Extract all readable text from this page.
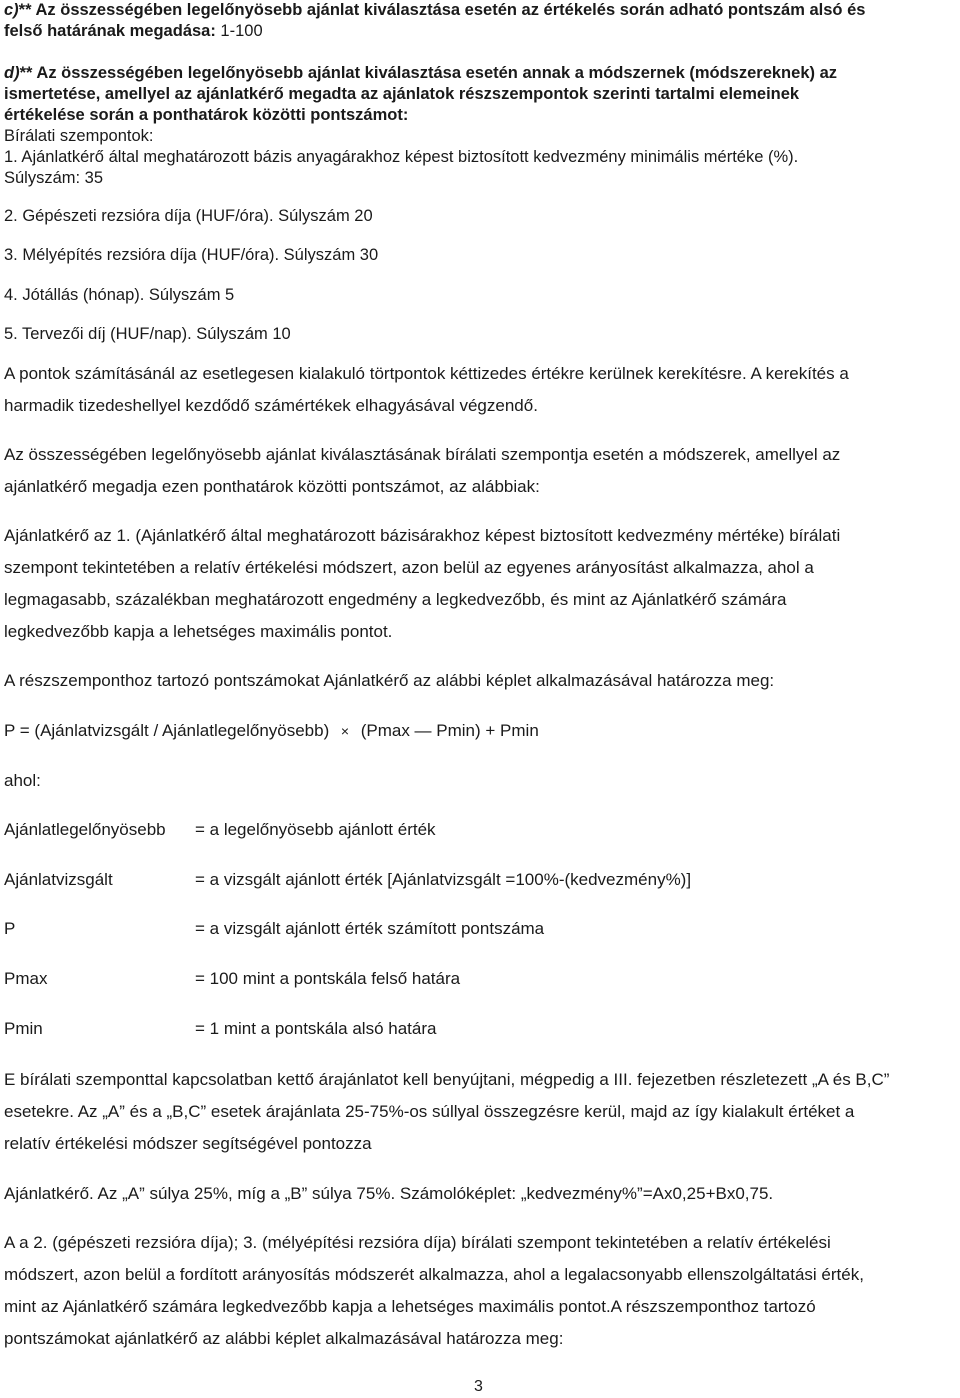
c)** Az összességében legelőnyösebb ajánlat kiválasztása esetén az értékelés során adható pontszám alsó és

felső határának megadása: 1-100

d)** Az összességében legelőnyösebb ajánlat kiválasztása esetén annak a módszernek (módszereknek) az

ismertetése, amellyel az ajánlatkérő megadta az ajánlatok részszempontok szerinti tartalmi elemeinek

értékelése során a ponthatárok közötti pontszámot:

Bírálati szempontok:

1. Ajánlatkérő által meghatározott bázis anyagárakhoz képest biztosított kedvezmény minimális mértéke (%).

Súlyszám: 35

2. Gépészeti rezsióra díja (HUF/óra). Súlyszám 20

3. Mélyépítés rezsióra díja (HUF/óra). Súlyszám 30

4. Jótállás (hónap). Súlyszám 5

5. Tervezői díj (HUF/nap). Súlyszám 10

A pontok számításánál az esetlegesen kialakuló törtpontok kéttizedes értékre kerülnek kerekítésre. A kerekítés a

harmadik tizedeshellyel kezdődő számértékek elhagyásával végzendő.

Az összességében legelőnyösebb ajánlat kiválasztásának bírálati szempontja esetén a módszerek, amellyel az

ajánlatkérő megadja ezen ponthatárok közötti pontszámot, az alábbiak:

Ajánlatkérő az 1. (Ajánlatkérő által meghatározott bázisárakhoz képest biztosított kedvezmény mértéke) bírálati

szempont tekintetében a relatív értékelési módszert, azon belül az egyenes arányosítást alkalmazza, ahol a

legmagasabb, százalékban meghatározott engedmény a legkedvezőbb, és mint az Ajánlatkérő számára

legkedvezőbb kapja a lehetséges maximális pontot.

A részszemponthoz tartozó pontszámokat Ajánlatkérő az alábbi képlet alkalmazásával határozza meg:

P = (Ajánlatvizsgált / Ajánlatlegelőnyösebb) × (Pmax — Pmin) + Pmin

ahol:

Ajánlatlegelőnyösebb = a legelőnyösebb ajánlott érték
Ajánlatvizsgált	= a vizsgált ajánlott érték [Ajánlatvizsgált =100%-(kedvezmény%)]
P	= a vizsgált ajánlott érték számított pontszáma
Pmax	= 100 mint a pontskála felső határa
Pmin	= 1 mint a pontskála alsó határa

E bírálati szemponttal kapcsolatban kettő árajánlatot kell benyújtani, mégpedig a III. fejezetben részletezett „A és B,C”

esetekre. Az „A” és a „B,C” esetek árajánlata 25-75%-os súllyal összegzésre kerül, majd az így kialakult értéket a

relatív értékelési módszer segítségével pontozza

Ajánlatkérő. Az „A” súlya 25%, míg a „B” súlya 75%. Számolóképlet: „kedvezmény%”=Ax0,25+Bx0,75.

A a 2. (gépészeti rezsióra díja); 3. (mélyépítési rezsióra díja) bírálati szempont tekintetében a relatív értékelési

módszert, azon belül a fordított arányosítás módszerét alkalmazza, ahol a legalacsonyabb ellenszolgáltatási érték,

mint az Ajánlatkérő számára legkedvezőbb kapja a lehetséges maximális pontot.A részszemponthoz tartozó

pontszámokat ajánlatkérő az alábbi képlet alkalmazásával határozza meg:

3
